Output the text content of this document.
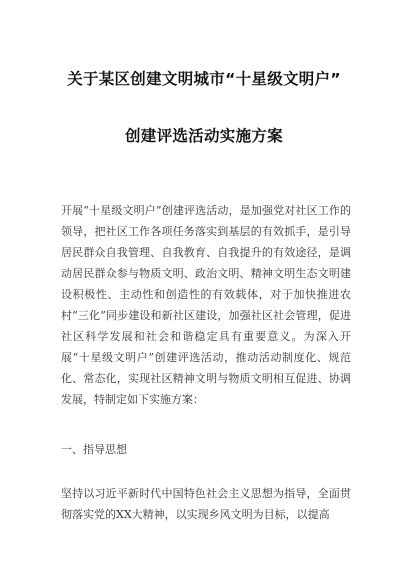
关于某区创建文明城市“十星级文明户”
创建评选活动实施方案

开展“十星级文明户”创建评选活动，是加强党对社区工作的领导，把社区工作各项任务落实到基层的有效抓手，是引导居民群众自我管理、自我教育、自我提升的有效途径，是调动居民群众参与物质文明、政治文明、精神文明生态文明建设积极性、主动性和创造性的有效载体，对于加快推进农村“三化”同步建设和新社区建设，加强社区社会管理，促进社区科学发展和社会和谐稳定具有重要意义。为深入开展“十星级文明户”创建评选活动，推动活动制度化、规范化、常态化，实现社区精神文明与物质文明相互促进、协调发展，特制定如下实施方案：

一、指导思想

坚持以习近平新时代中国特色社会主义思想为指导，全面贯彻落实党的XX大精神，以实现乡风文明为目标，以提高
